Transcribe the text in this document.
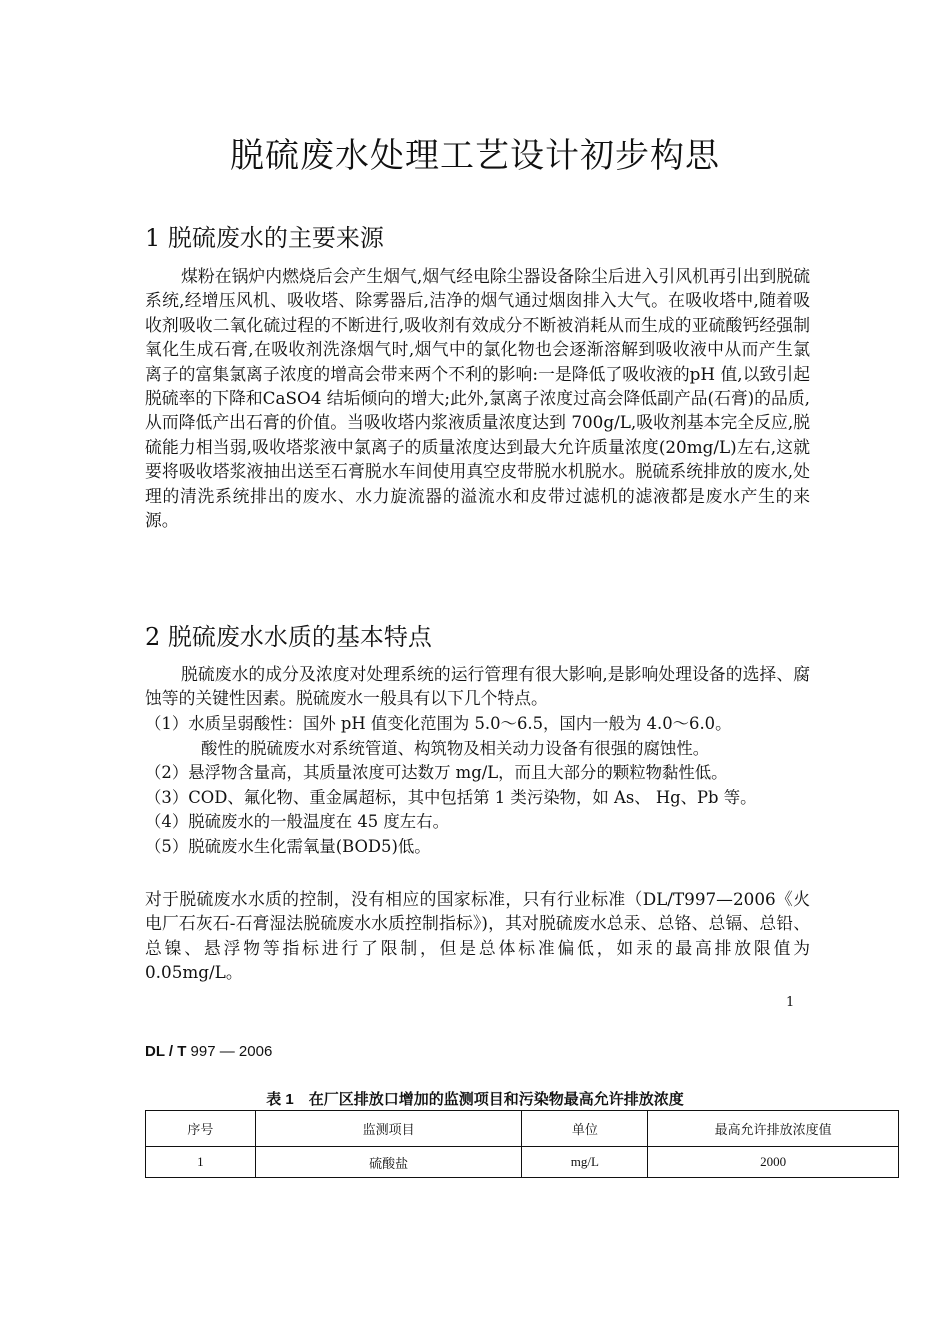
脱硫废水处理工艺设计初步构思
1 脱硫废水的主要来源

煤粉在锅炉内燃烧后会产生烟气,烟气经电除尘器设备除尘后进入引风机再引出到脱硫系统,经增压风机、吸收塔、除雾器后,洁净的烟气通过烟囱排入大气。在吸收塔中,随着吸收剂吸收二氧化硫过程的不断进行,吸收剂有效成分不断被消耗从而生成的亚硫酸钙经强制氧化生成石膏,在吸收剂洗涤烟气时,烟气中的氯化物也会逐渐溶解到吸收液中从而产生氯离子的富集氯离子浓度的增高会带来两个不利的影响:一是降低了吸收液的pH 值,以致引起脱硫率的下降和CaSO4 结垢倾向的增大;此外,氯离子浓度过高会降低副产品(石膏)的品质,从而降低产出石膏的价值。当吸收塔内浆液质量浓度达到 700g/L,吸收剂基本完全反应,脱硫能力相当弱,吸收塔浆液中氯离子的质量浓度达到最大允许质量浓度(20mg/L)左右,这就要将吸收塔浆液抽出送至石膏脱水车间使用真空皮带脱水机脱水。脱硫系统排放的废水,处理的清洗系统排出的废水、水力旋流器的溢流水和皮带过滤机的滤液都是废水产生的来源。

2 脱硫废水水质的基本特点

脱硫废水的成分及浓度对处理系统的运行管理有很大影响,是影响处理设备的选择、腐蚀等的关键性因素。脱硫废水一般具有以下几个特点。

（1）水质呈弱酸性：国外 pH 值变化范围为 5.0～6.5，国内一般为 4.0～6.0。
酸性的脱硫废水对系统管道、构筑物及相关动力设备有很强的腐蚀性。
（2）悬浮物含量高，其质量浓度可达数万 mg/L，而且大部分的颗粒物黏性低。
（3）COD、氟化物、重金属超标，其中包括第 1 类污染物，如 As、 Hg、Pb 等。
（4）脱硫废水的一般温度在 45 度左右。
（5）脱硫废水生化需氧量(BOD5)低。

对于脱硫废水水质的控制，没有相应的国家标准，只有行业标准（DL/T997—2006《火电厂石灰石-石膏湿法脱硫废水水质控制指标》)，其对脱硫废水总汞、总铬、总镉、总铅、总镍、悬浮物等指标进行了限制，但是总体标准偏低，如汞的最高排放限值为 0.05mg/L。

1
DL / T 997 — 2006
表 1　在厂区排放口增加的监测项目和污染物最高允许排放浓度
序号	监测项目	单位	最高允许排放浓度值
1	硫酸盐	mg/L	2000
